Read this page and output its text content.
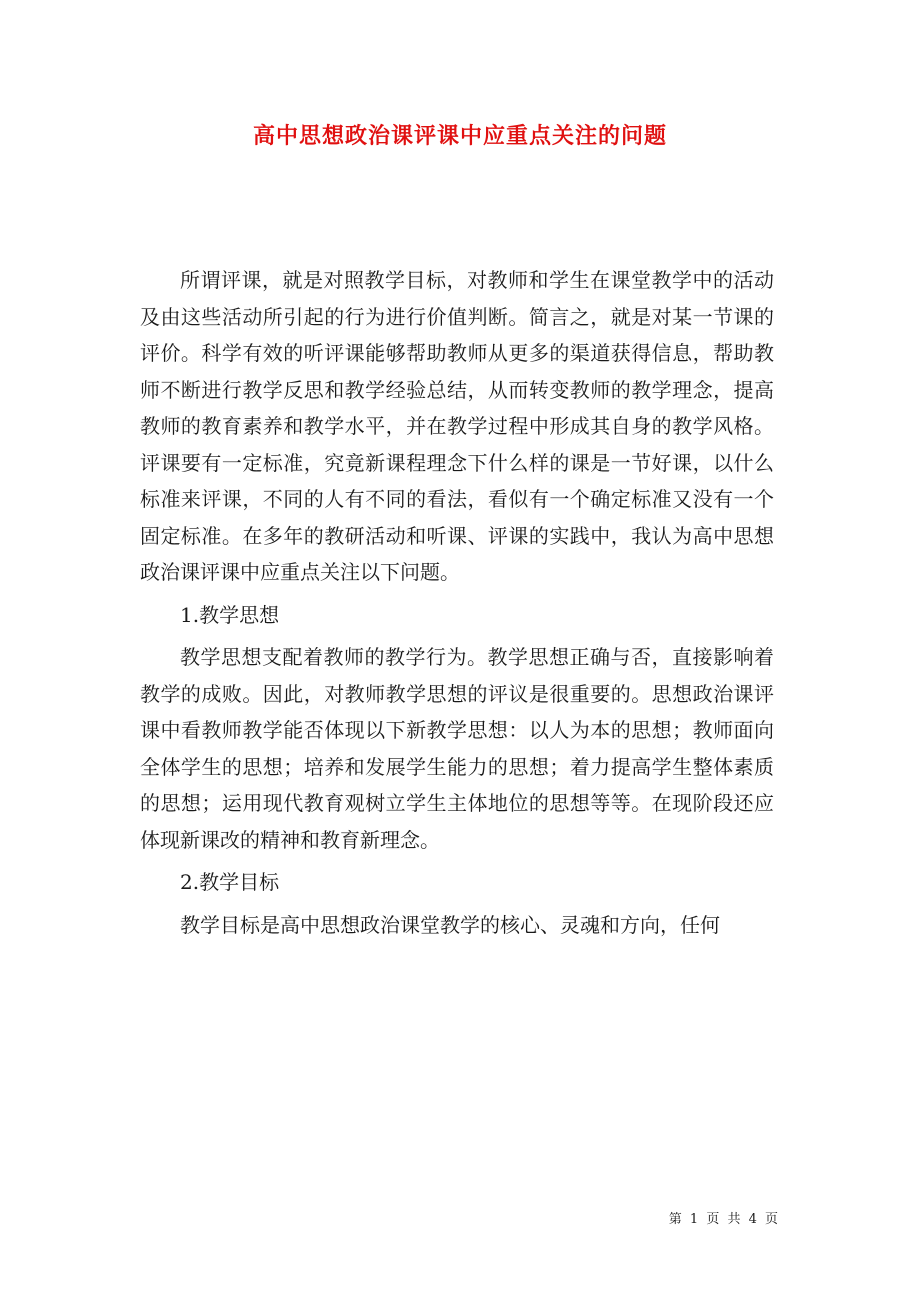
高中思想政治课评课中应重点关注的问题

所谓评课，就是对照教学目标，对教师和学生在课堂教学中的活动及由这些活动所引起的行为进行价值判断。简言之，就是对某一节课的评价。科学有效的听评课能够帮助教师从更多的渠道获得信息，帮助教师不断进行教学反思和教学经验总结，从而转变教师的教学理念，提高教师的教育素养和教学水平，并在教学过程中形成其自身的教学风格。评课要有一定标准，究竟新课程理念下什么样的课是一节好课，以什么标准来评课，不同的人有不同的看法，看似有一个确定标准又没有一个固定标准。在多年的教研活动和听课、评课的实践中，我认为高中思想政治课评课中应重点关注以下问题。

1.教学思想

教学思想支配着教师的教学行为。教学思想正确与否，直接影响着教学的成败。因此，对教师教学思想的评议是很重要的。思想政治课评课中看教师教学能否体现以下新教学思想：以人为本的思想；教师面向全体学生的思想；培养和发展学生能力的思想；着力提高学生整体素质的思想；运用现代教育观树立学生主体地位的思想等等。在现阶段还应体现新课改的精神和教育新理念。

2.教学目标

教学目标是高中思想政治课堂教学的核心、灵魂和方向，任何

第 1 页 共 4 页
